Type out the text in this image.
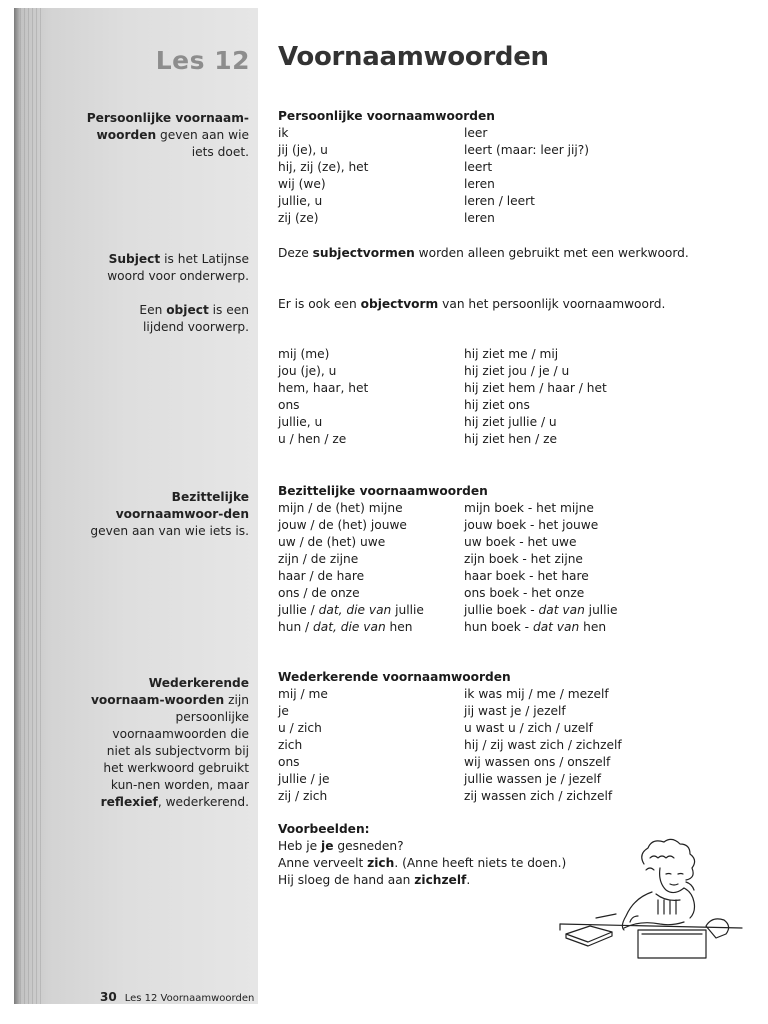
Les 12
Persoonlijke voornaam-woorden geven aan wie iets doet.
Subject is het Latijnse woord voor onderwerp.
Een object is een lijdend voorwerp.
Bezittelijke voornaamwoor-den geven aan van wie iets is.
Wederkerende voornaam-woorden zijn persoonlijke voornaamwoorden die niet als subjectvorm bij het werkwoord gebruikt kun-nen worden, maar reflexief, wederkerend.
Voornaamwoorden
Persoonlijke voornaamwoorden
ik	leer
jij (je), u	leert (maar: leer jij?)
hij, zij (ze), het	leert
wij (we)	leren
jullie, u	leren / leert
zij (ze)	leren
Deze subjectvormen worden alleen gebruikt met een werkwoord.
Er is ook een objectvorm van het persoonlijk voornaamwoord.
mij (me)	hij ziet me / mij
jou (je), u	hij ziet jou / je / u
hem, haar, het	hij ziet hem / haar / het
ons	hij ziet ons
jullie, u	hij ziet jullie / u
u / hen / ze	hij ziet hen / ze
Bezittelijke voornaamwoorden
mijn / de (het) mijne	mijn boek - het mijne
jouw / de (het) jouwe	jouw boek - het jouwe
uw / de (het) uwe	uw boek - het uwe
zijn / de zijne	zijn boek - het zijne
haar / de hare	haar boek - het hare
ons / de onze	ons boek - het onze
jullie / dat, die van jullie	jullie boek - dat van jullie
hun / dat, die van hen	hun boek - dat van hen
Wederkerende voornaamwoorden
mij / me	ik was mij / me / mezelf
je	jij wast je / jezelf
u / zich	u wast u / zich / uzelf
zich	hij / zij wast zich / zichzelf
ons	wij wassen ons / onszelf
jullie / je	jullie wassen je / jezelf
zij / zich	zij wassen zich / zichzelf
Voorbeelden:
Heb je je gesneden?
Anne verveelt zich. (Anne heeft niets te doen.)
Hij sloeg de hand aan zichzelf.
30 Les 12 Voornaamwoorden
